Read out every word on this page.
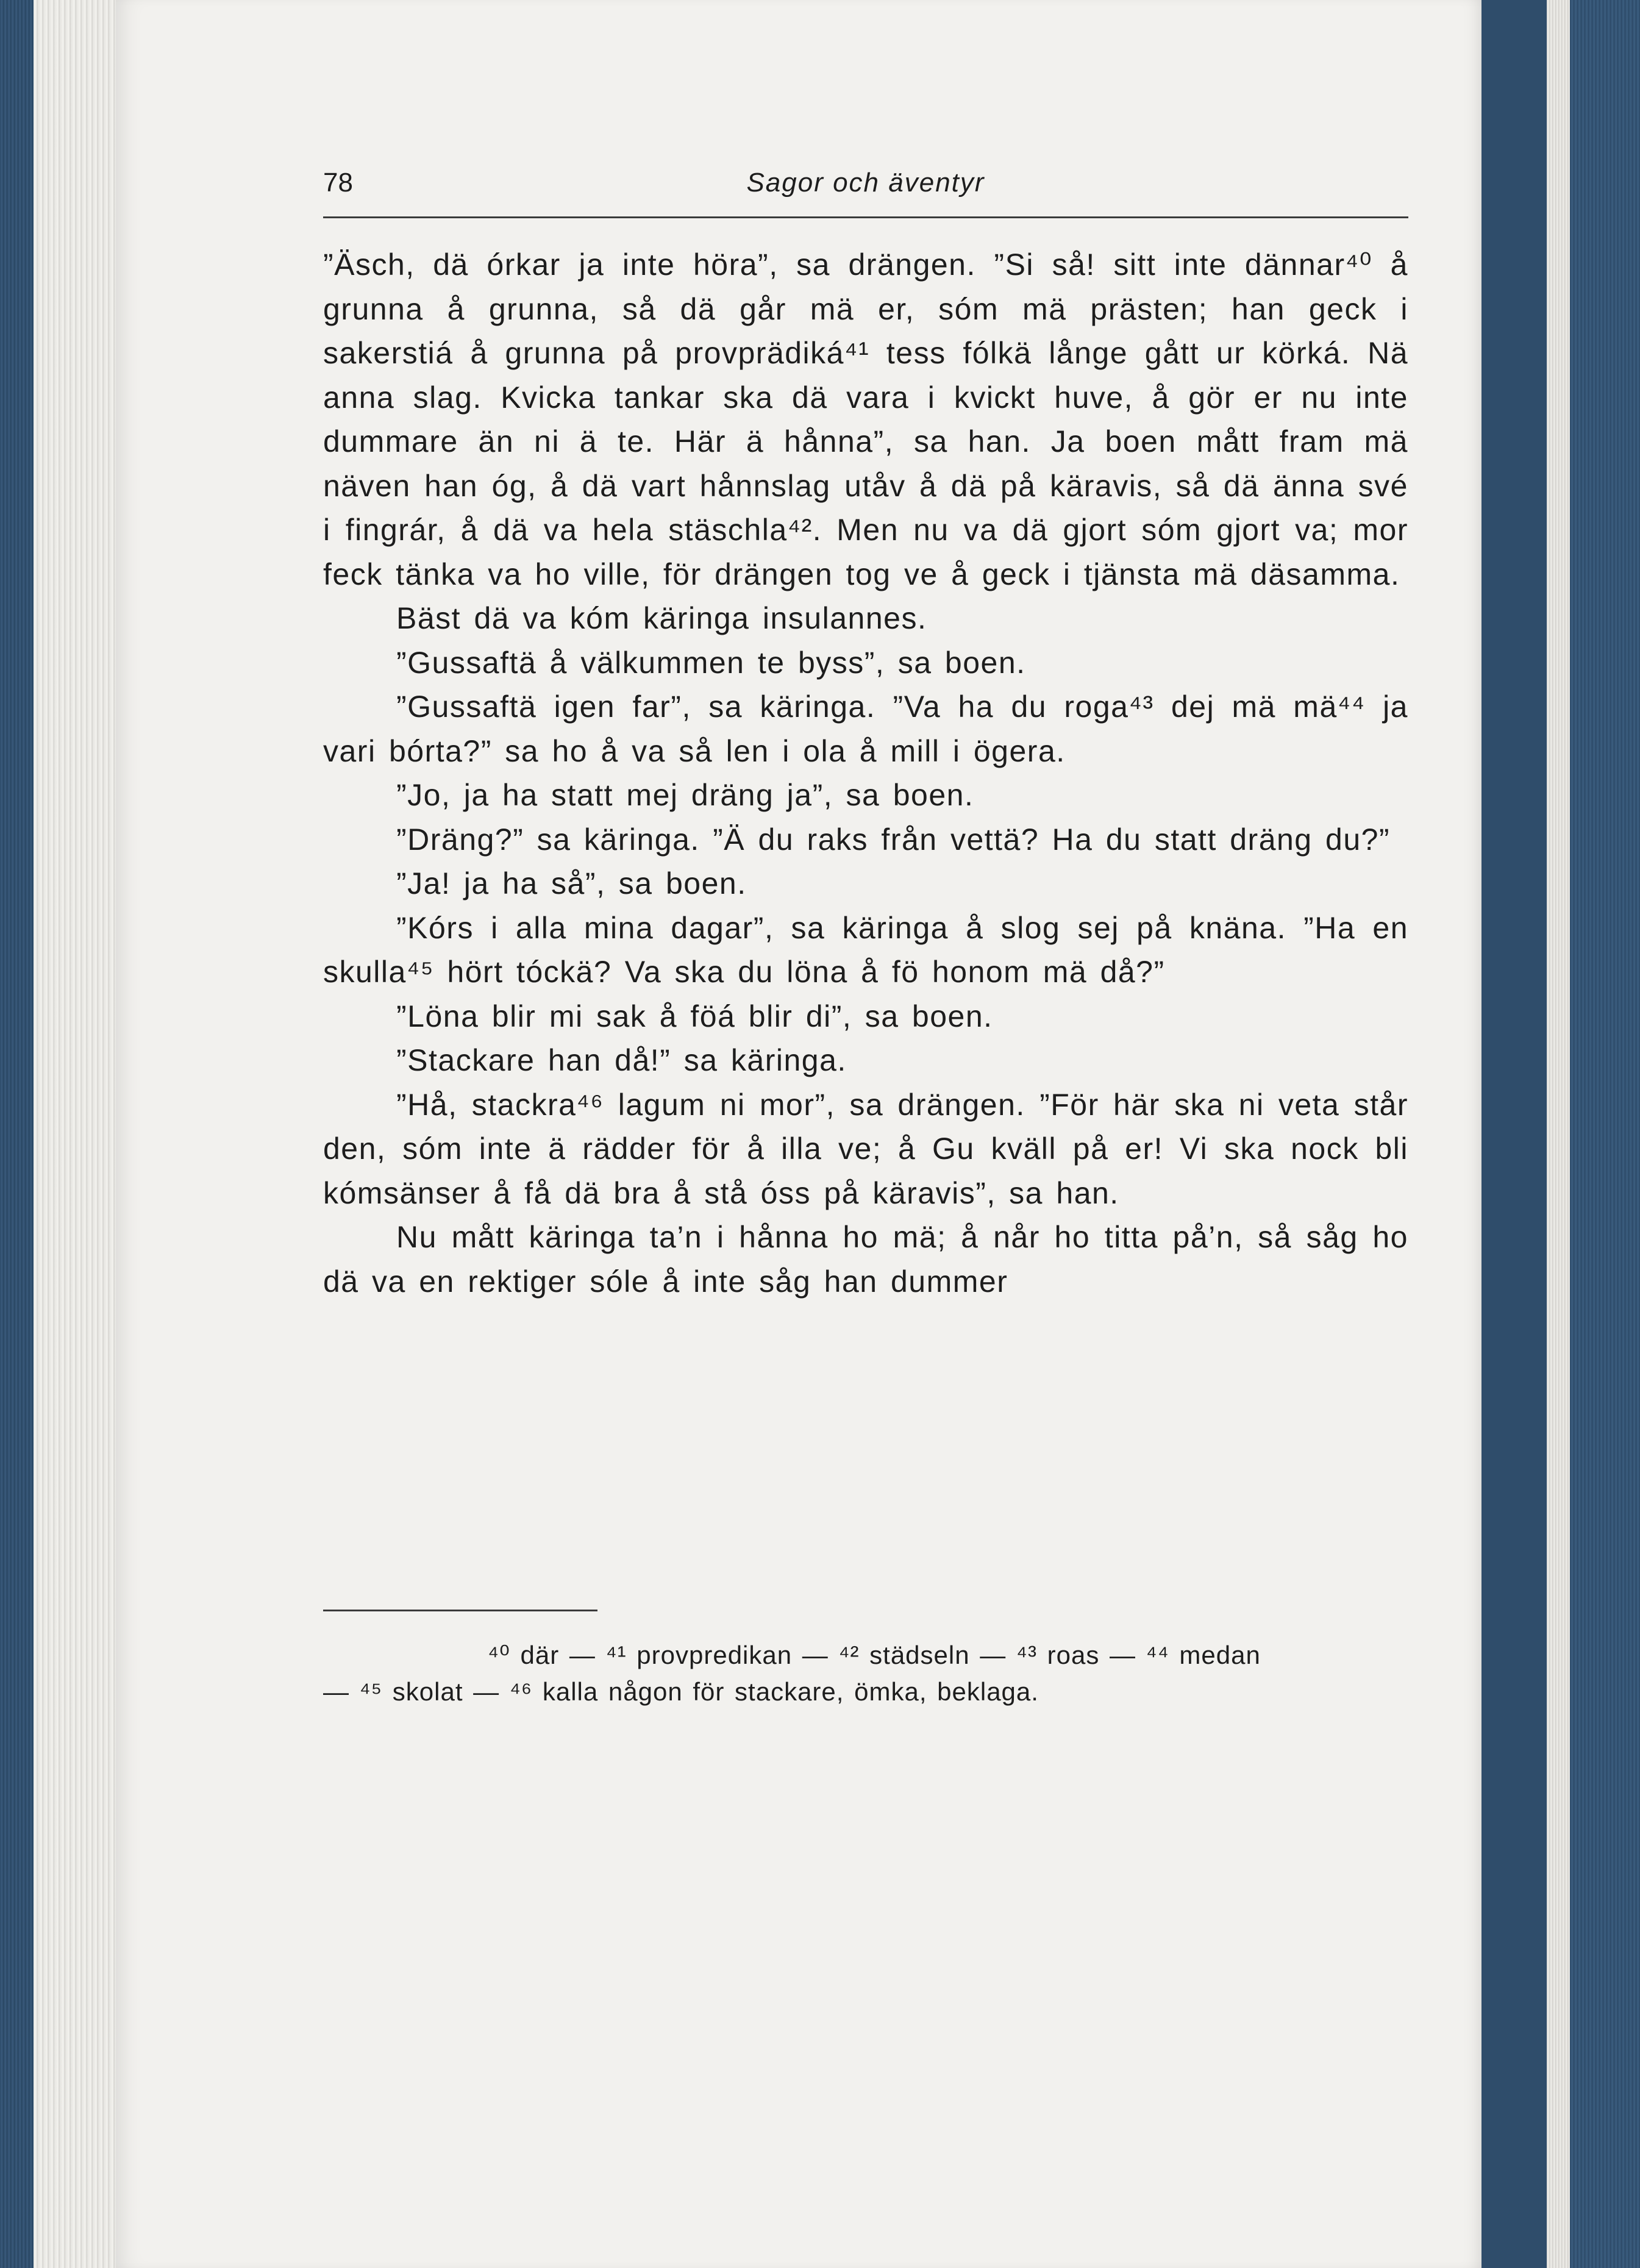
78	Sagor och äventyr

”Äsch, dä órkar ja inte höra”, sa drängen. ”Si så! sitt inte dännar⁴⁰ å grunna å grunna, så dä går mä er, sóm mä prästen; han geck i sakerstiá å grunna på provprädiká⁴¹ tess fólkä långe gått ur körká. Nä anna slag. Kvicka tankar ska dä vara i kvickt huve, å gör er nu inte dummare än ni ä te. Här ä hånna”, sa han. Ja boen mått fram mä näven han óg, å dä vart hånnslag utåv å dä på käravis, så dä änna své i fingrár, å dä va hela stäschla⁴². Men nu va dä gjort sóm gjort va; mor feck tänka va ho ville, för drängen tog ve å geck i tjänsta mä däsamma.

Bäst dä va kóm käringa insulannes.

”Gussaftä å välkummen te byss”, sa boen.

”Gussaftä igen far”, sa käringa. ”Va ha du roga⁴³ dej mä mä⁴⁴ ja vari bórta?” sa ho å va så len i ola å mill i ögera.

”Jo, ja ha statt mej dräng ja”, sa boen.

”Dräng?” sa käringa. ”Ä du raks från vettä? Ha du statt dräng du?”

”Ja! ja ha så”, sa boen.

”Kórs i alla mina dagar”, sa käringa å slog sej på knäna. ”Ha en skulla⁴⁵ hört tóckä? Va ska du löna å fö honom mä då?”

”Löna blir mi sak å föá blir di”, sa boen.

”Stackare han då!” sa käringa.

”Hå, stackra⁴⁶ lagum ni mor”, sa drängen. ”För här ska ni veta står den, sóm inte ä rädder för å illa ve; å Gu kväll på er! Vi ska nock bli kómsänser å få dä bra å stå óss på käravis”, sa han.

Nu mått käringa ta’n i hånna ho mä; å når ho titta på’n, så såg ho dä va en rektiger sóle å inte såg han dummer

⁴⁰ där — ⁴¹ provpredikan — ⁴² städseln — ⁴³ roas — ⁴⁴ medan

— ⁴⁵ skolat — ⁴⁶ kalla någon för stackare, ömka, beklaga.
